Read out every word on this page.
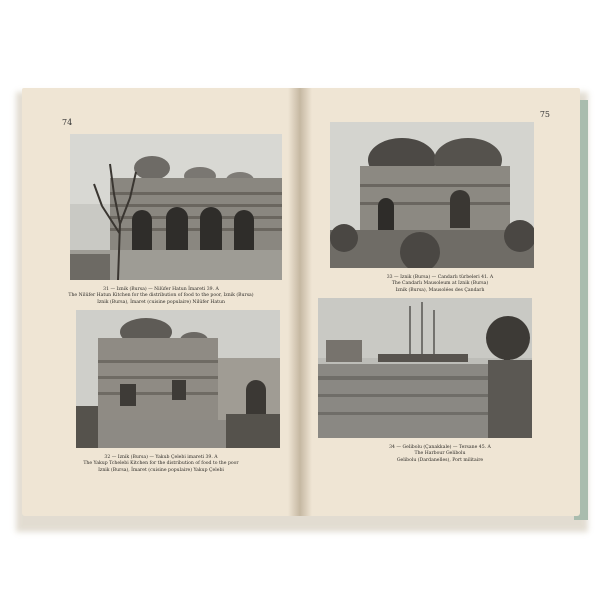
74
31 — Iznik (Bursa) — Nilüfer Hatun İmareti 39. A
The Nilüfer Hatun Kitchen for the distribution of food to the poor, Iznik (Bursa)
Iznik (Bursa), İmaret (cuisine populaire) Nilüfer Hatun
32 — Iznik (Bursa) — Yakub Çelebi imareti 39. A
The Yakup Tchelebi Kitchen for the distribution of food to the poor
Iznik (Bursa), İmaret (cuisine populaire) Yakup Çelebi
75
33 — Iznik (Bursa) — Candarlı türbeleri 41. A
The Candarlı Mausoleum at Iznik (Bursa)
Iznik (Bursa), Mausolées des Çandarlı
34 — Gelibolu (Çanakkale) — Tersane 45. A
The Harbour Gelibolu
Gelibolu (Dardanelles), Port militaire
